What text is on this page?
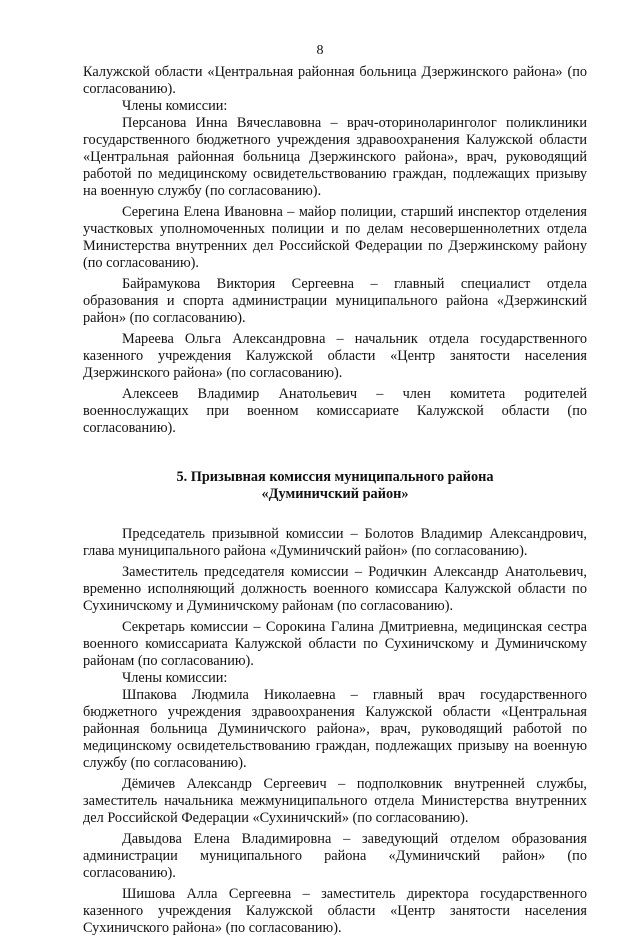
8

Калужской области «Центральная районная больница Дзержинского района» (по согласованию).

Члены комиссии:

Персанова Инна Вячеславовна – врач-оториноларинголог поликлиники государственного бюджетного учреждения здравоохранения Калужской области «Центральная районная больница Дзержинского района», врач, руководящий работой по медицинскому освидетельствованию граждан, подлежащих призыву на военную службу (по согласованию).

Серегина Елена Ивановна – майор полиции, старший инспектор отделения участковых уполномоченных полиции и по делам несовершеннолетних отдела Министерства внутренних дел Российской Федерации по Дзержинскому району (по согласованию).

Байрамукова Виктория Сергеевна – главный специалист отдела образования и спорта администрации муниципального района «Дзержинский район» (по согласованию).

Мареева Ольга Александровна – начальник отдела государственного казенного учреждения Калужской области «Центр занятости населения Дзержинского района» (по согласованию).

Алексеев Владимир Анатольевич – член комитета родителей военнослужащих при военном комиссариате Калужской области (по согласованию).

5. Призывная комиссия муниципального района
«Думиничский район»

Председатель призывной комиссии – Болотов Владимир Александрович, глава муниципального района «Думиничский район» (по согласованию).

Заместитель председателя комиссии – Родичкин Александр Анатольевич, временно исполняющий должность военного комиссара Калужской области по Сухиничскому и Думиничскому районам (по согласованию).

Секретарь комиссии – Сорокина Галина Дмитриевна, медицинская сестра военного комиссариата Калужской области по Сухиничскому и Думиничскому районам (по согласованию).

Члены комиссии:

Шпакова Людмила Николаевна – главный врач государственного бюджетного учреждения здравоохранения Калужской области «Центральная районная больница Думиничского района», врач, руководящий работой по медицинскому освидетельствованию граждан, подлежащих призыву на военную службу (по согласованию).

Дёмичев Александр Сергеевич – подполковник внутренней службы, заместитель начальника межмуниципального отдела Министерства внутренних дел Российской Федерации «Сухиничский» (по согласованию).

Давыдова Елена Владимировна – заведующий отделом образования администрации муниципального района «Думиничский район» (по согласованию).

Шишова Алла Сергеевна – заместитель директора государственного казенного учреждения Калужской области «Центр занятости населения Сухиничского района» (по согласованию).
